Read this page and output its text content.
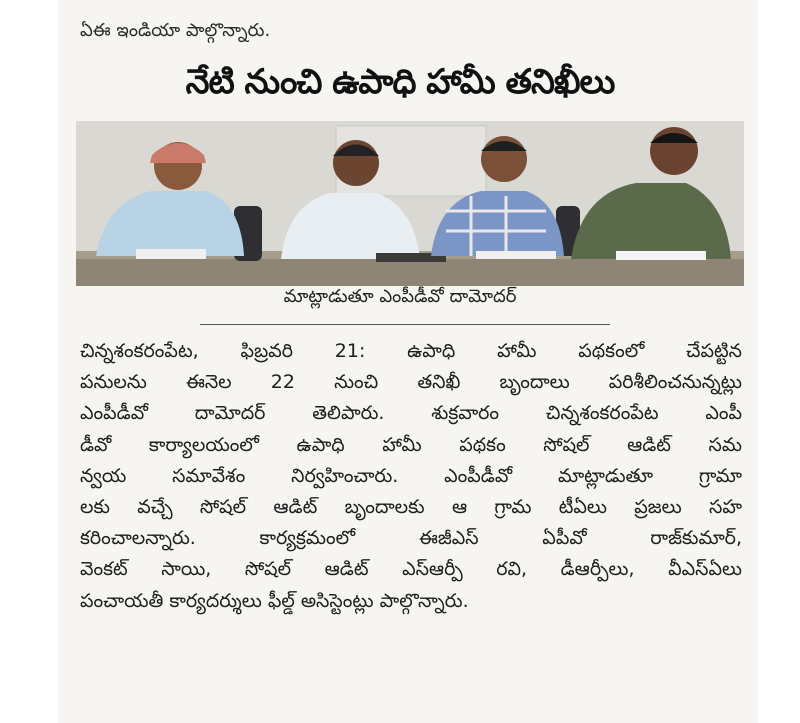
ఏఈ ఇండియా పాల్గొన్నారు.
నేటి నుంచి ఉపాధి హామీ తనిఖీలు
మాట్లాడుతూ ఎంపీడీవో దామోదర్
చిన్నశంకరంపేట, ఫిబ్రవరి 21: ఉపాధి హామీ పథకంలో చేపట్టిన
పనులను ఈనెల 22 నుంచి తనిఖీ బృందాలు పరిశీలించనున్నట్లు
ఎంపీడీవో దామోదర్ తెలిపారు. శుక్రవారం చిన్నశంకరంపేట ఎంపీ
డీవో కార్యాలయంలో ఉపాధి హామీ పథకం సోషల్ ఆడిట్ సమ
న్వయ సమావేశం నిర్వహించారు. ఎంపీడీవో మాట్లాడుతూ గ్రామా
లకు వచ్చే సోషల్ ఆడిట్ బృందాలకు ఆ గ్రామ టీఏలు ప్రజలు సహ
కరించాలన్నారు. కార్యక్రమంలో ఈజీఎస్ ఏపీవో రాజ్‌కుమార్,
వెంకట్ సాయి, సోషల్ ఆడిట్ ఎస్ఆర్పీ రవి, డీఆర్పీలు, వీఎస్ఏలు
పంచాయతీ కార్యదర్శులు ఫీల్డ్ అసిస్టెంట్లు పాల్గొన్నారు.
